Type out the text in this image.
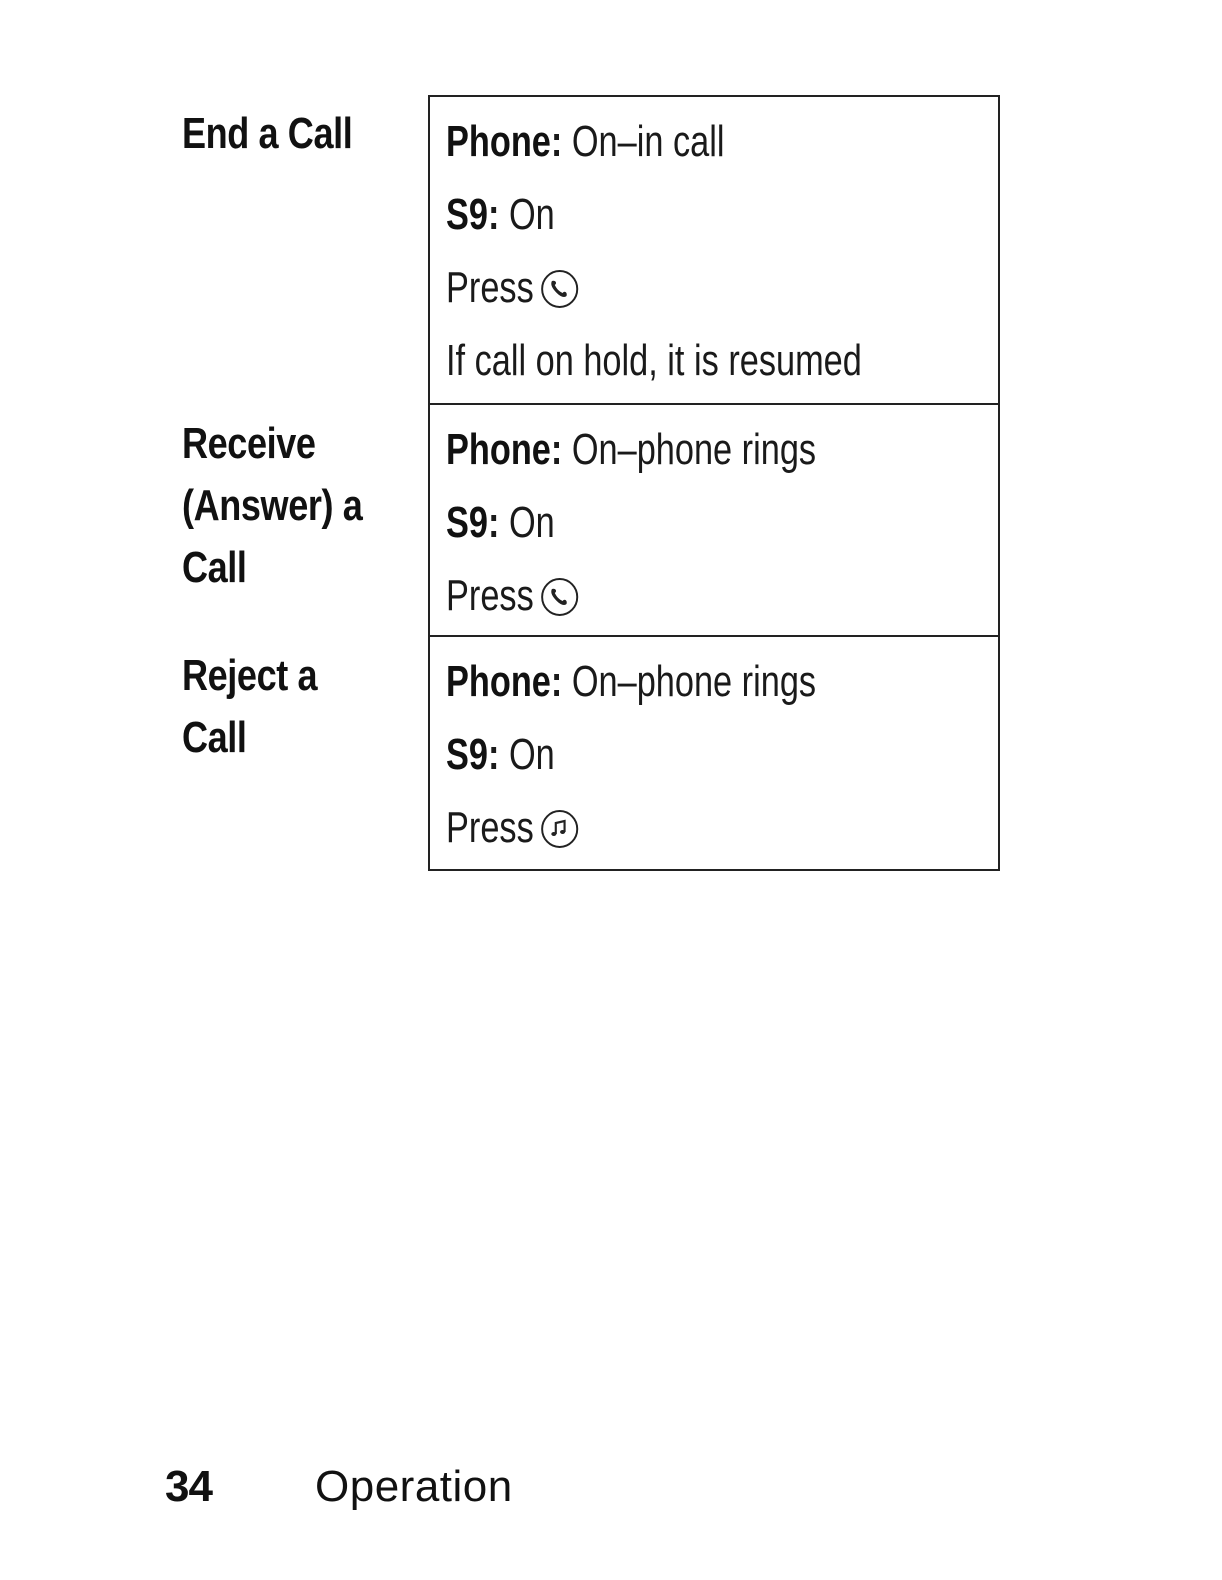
End a Call	Phone: On–in call
S9: On
Press
If call on hold, it is resumed
Receive
(Answer) a
Call
Phone: On–phone rings
S9: On
Press
Reject a
Call
Phone: On–phone rings
S9: On
Press
34	Operation
